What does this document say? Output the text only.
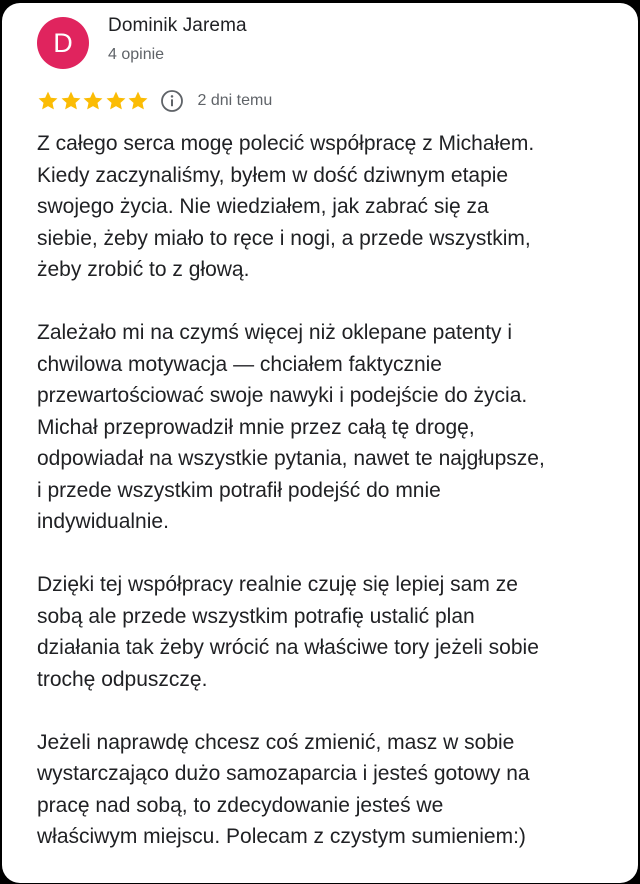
D
Dominik Jarema
4 opinie
2 dni temu

Z całego serca mogę polecić współpracę z Michałem.
Kiedy zaczynaliśmy, byłem w dość dziwnym etapie
swojego życia. Nie wiedziałem, jak zabrać się za
siebie, żeby miało to ręce i nogi, a przede wszystkim,
żeby zrobić to z głową.

Zależało mi na czymś więcej niż oklepane patenty i
chwilowa motywacja — chciałem faktycznie
przewartościować swoje nawyki i podejście do życia.
Michał przeprowadził mnie przez całą tę drogę,
odpowiadał na wszystkie pytania, nawet te najgłupsze,
i przede wszystkim potrafił podejść do mnie
indywidualnie.

Dzięki tej współpracy realnie czuję się lepiej sam ze
sobą ale przede wszystkim potrafię ustalić plan
działania tak żeby wrócić na właściwe tory jeżeli sobie
trochę odpuszczę.

Jeżeli naprawdę chcesz coś zmienić, masz w sobie
wystarczająco dużo samozaparcia i jesteś gotowy na
pracę nad sobą, to zdecydowanie jesteś we
właściwym miejscu. Polecam z czystym sumieniem:)
